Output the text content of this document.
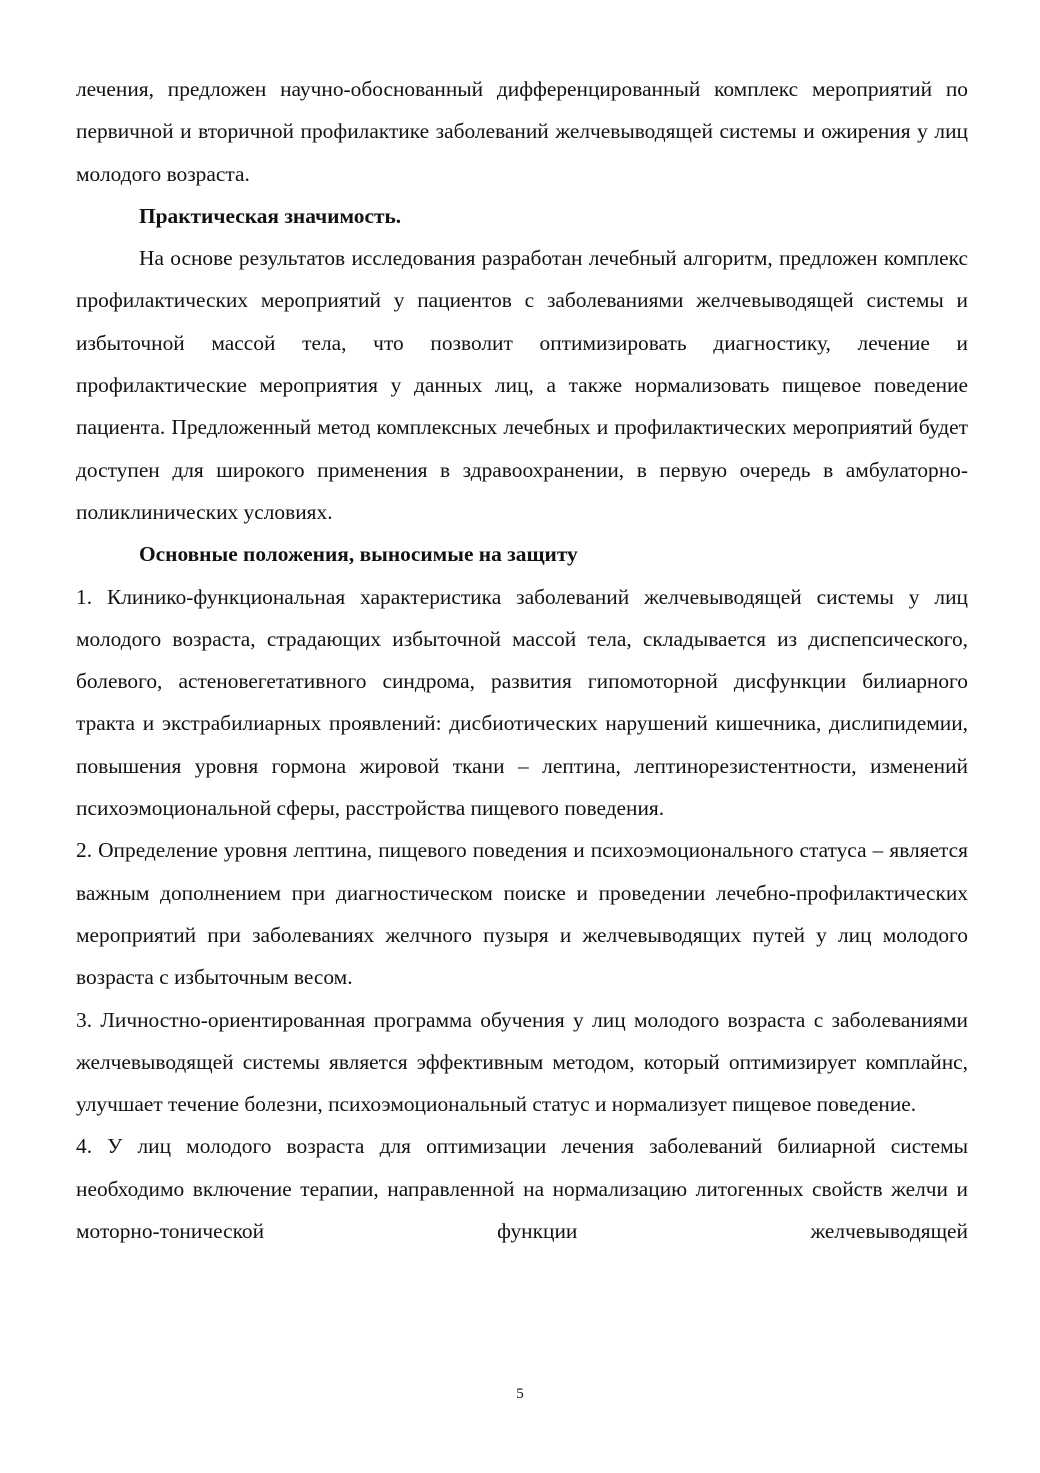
лечения, предложен научно-обоснованный дифференцированный комплекс мероприятий по первичной и вторичной профилактике заболеваний желчевыводящей системы и ожирения у лиц молодого возраста.

Практическая значимость.

На основе результатов исследования разработан лечебный алгоритм, предложен комплекс профилактических мероприятий у пациентов с заболеваниями желчевыводящей системы и избыточной массой тела, что позволит оптимизировать диагностику, лечение и профилактические мероприятия у данных лиц, а также нормализовать пищевое поведение пациента. Предложенный метод комплексных лечебных и профилактических мероприятий будет доступен для широкого применения в здравоохранении, в первую очередь в амбулаторно-поликлинических условиях.

Основные положения, выносимые на защиту

1. Клинико-функциональная характеристика заболеваний желчевыводящей системы у лиц молодого возраста, страдающих избыточной массой тела, складывается из диспепсического, болевого, астеновегетативного синдрома, развития гипомоторной дисфункции билиарного тракта и экстрабилиарных проявлений: дисбиотических нарушений кишечника, дислипидемии, повышения уровня гормона жировой ткани – лептина, лептинорезистентности, изменений психоэмоциональной сферы, расстройства пищевого поведения.

2. Определение уровня лептина, пищевого поведения и психоэмоционального статуса – является важным дополнением при диагностическом поиске и проведении лечебно-профилактических мероприятий при заболеваниях желчного пузыря и желчевыводящих путей у лиц молодого возраста с избыточным весом.

3. Личностно-ориентированная программа обучения у лиц молодого возраста с заболеваниями желчевыводящей системы является эффективным методом, который оптимизирует комплайнс, улучшает течение болезни, психоэмоциональный статус и нормализует пищевое поведение.

4. У лиц молодого возраста для оптимизации лечения заболеваний билиарной системы необходимо включение терапии, направленной на нормализацию литогенных свойств желчи и моторно-тонической функции желчевыводящей

5
